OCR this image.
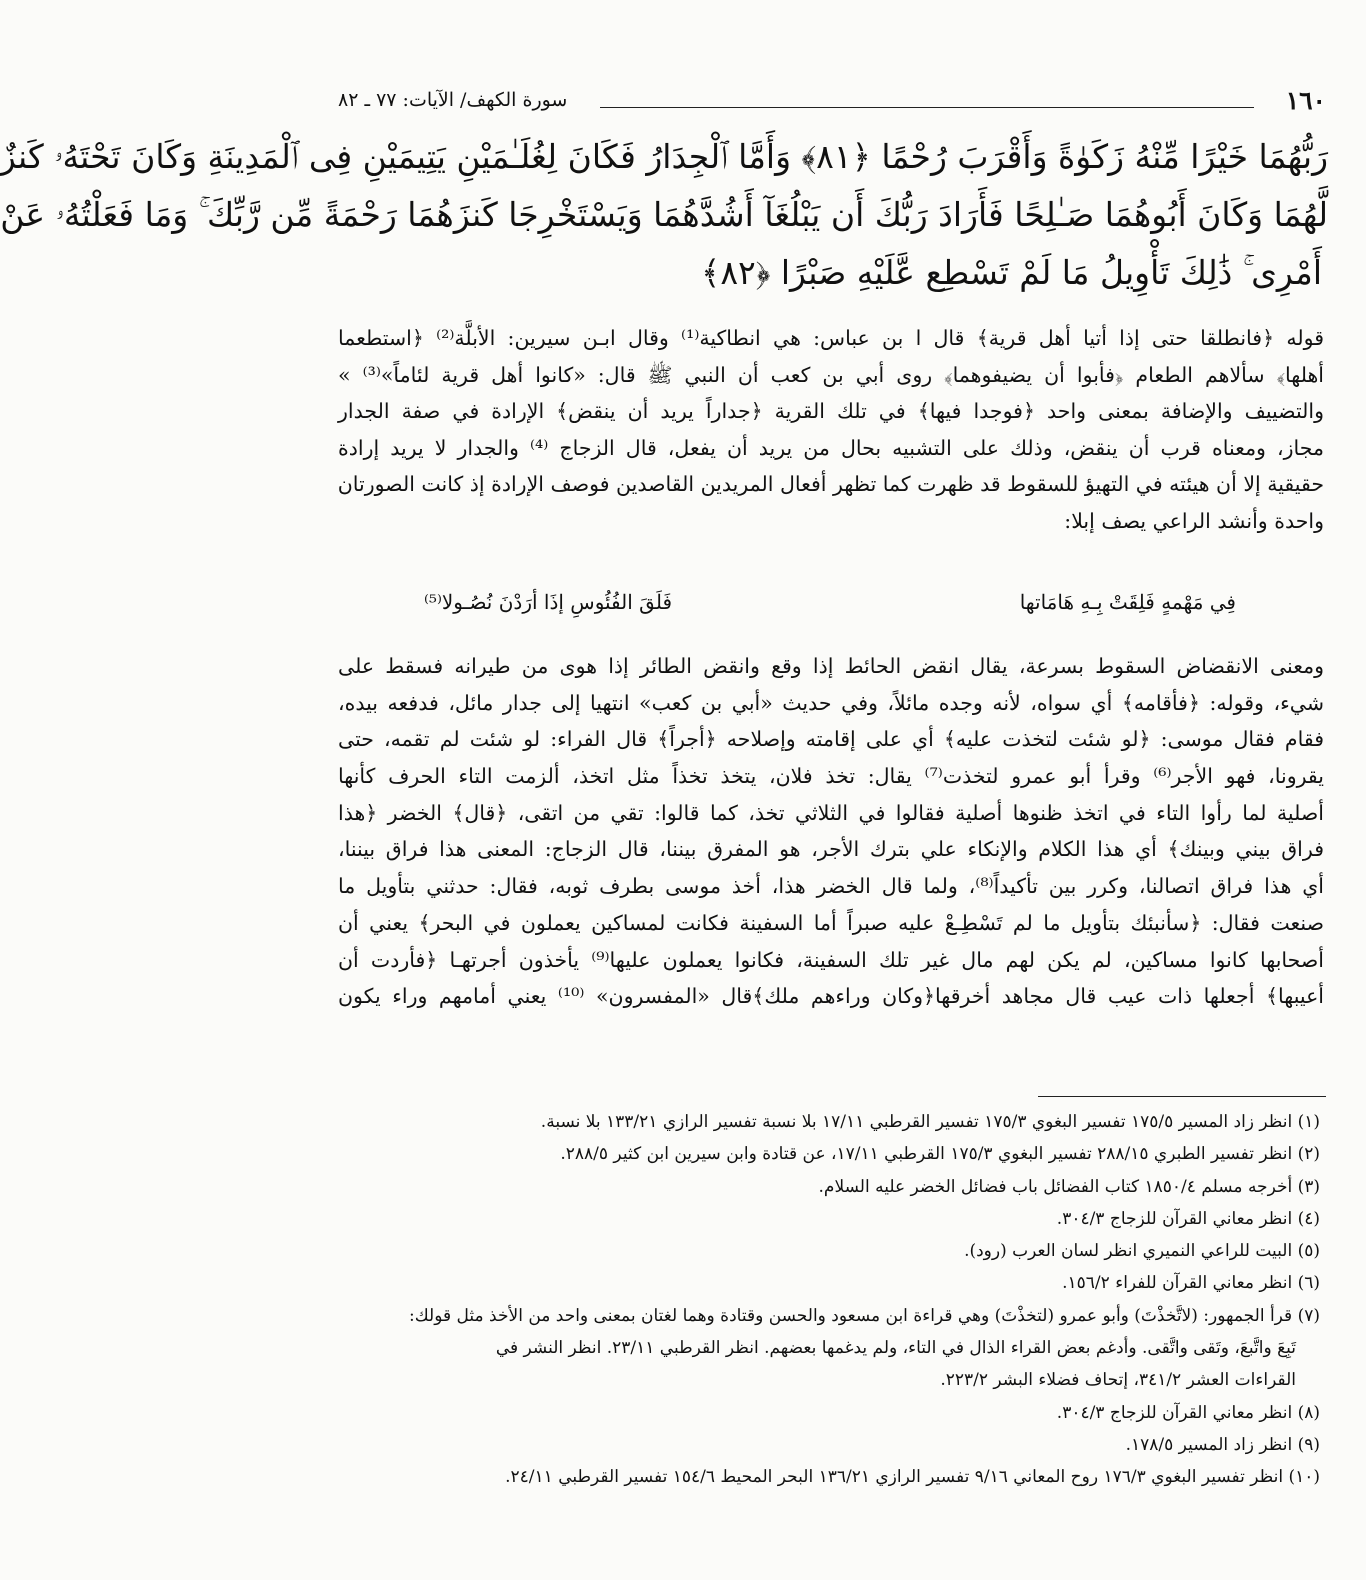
١٦٠
سورة الكهف/ الآيات: ٧٧ ـ ٨٢
رَبُّهُمَا خَيْرًا مِّنْهُ زَكَوٰةً وَأَقْرَبَ رُحْمًا ﴿٨١﴾ وَأَمَّا ٱلْجِدَارُ فَكَانَ لِغُلَـٰمَيْنِ يَتِيمَيْنِ فِى ٱلْمَدِينَةِ وَكَانَ تَحْتَهُۥ كَنزٌ
لَّهُمَا وَكَانَ أَبُوهُمَا صَـٰلِحًا فَأَرَادَ رَبُّكَ أَن يَبْلُغَآ أَشُدَّهُمَا وَيَسْتَخْرِجَا كَنزَهُمَا رَحْمَةً مِّن رَّبِّكَ ۚ وَمَا فَعَلْتُهُۥ عَنْ
أَمْرِى ۚ ذَٰلِكَ تَأْوِيلُ مَا لَمْ تَسْطِع عَّلَيْهِ صَبْرًا ﴿٨٢﴾
قوله ﴿فانطلقا حتى إذا أتيا أهل قرية﴾ قال ا بن عباس: هي انطاكية⁽¹⁾ وقال ابـن سيرين: الأبلَّة⁽²⁾ ﴿استطعما
أهلها﴾ سألاهم الطعام ﴿فأبوا أن يضيفوهما﴾ روى أبي بن كعب أن النبي ﷺ قال: «كانوا أهل قرية لئاماً»⁽³⁾ »
والتضييف والإضافة بمعنى واحد ﴿فوجدا فيها﴾ في تلك القرية ﴿جداراً يريد أن ينقض﴾ الإرادة في صفة الجدار
مجاز، ومعناه قرب أن ينقض، وذلك على التشبيه بحال من يريد أن يفعل، قال الزجاج ⁽⁴⁾ والجدار لا يريد إرادة
حقيقية إلا أن هيئته في التهيؤ للسقوط قد ظهرت كما تظهر أفعال المريدين القاصدين فوصف الإرادة إذ كانت الصورتان
واحدة وأنشد الراعي يصف إبلا:
فِي مَهْمهٍ فَلِقَتْ بِـهِ هَامَاتها
فَلَقَ الفُئُوسِ إذَا أرَدْنَ نُصُـولا⁽⁵⁾
ومعنى الانقضاض السقوط بسرعة، يقال انقض الحائط إذا وقع وانقض الطائر إذا هوى من طيرانه فسقط على
شيء، وقوله: ﴿فأقامه﴾ أي سواه، لأنه وجده مائلاً، وفي حديث «أبي بن كعب» انتهيا إلى جدار مائل، فدفعه بيده،
فقام فقال موسى: ﴿لو شئت لتخذت عليه﴾ أي على إقامته وإصلاحه ﴿أجراً﴾ قال الفراء: لو شئت لم تقمه، حتى
يقرونا، فهو الأجر⁽⁶⁾ وقرأ أبو عمرو لتخذت⁽⁷⁾ يقال: تخذ فلان، يتخذ تخذاً مثل اتخذ، ألزمت التاء الحرف كأنها
أصلية لما رأوا التاء في اتخذ ظنوها أصلية فقالوا في الثلاثي تخذ، كما قالوا: تقي من اتقى، ﴿قال﴾ الخضر ﴿هذا
فراق بيني وبينك﴾ أي هذا الكلام والإنكاء علي بترك الأجر، هو المفرق بيننا، قال الزجاج: المعنى هذا فراق بيننا،
أي هذا فراق اتصالنا، وكرر بين تأكيداً⁽⁸⁾، ولما قال الخضر هذا، أخذ موسى بطرف ثوبه، فقال: حدثني بتأويل ما
صنعت فقال: ﴿سأنبئك بتأويل ما لم تَسْطِـعْ عليه صبراً أما السفينة فكانت لمساكين يعملون في البحر﴾ يعني أن
أصحابها كانوا مساكين، لم يكن لهم مال غير تلك السفينة، فكانوا يعملون عليها⁽⁹⁾ يأخذون أجرتهـا ﴿فأردت أن
أعيبها﴾ أجعلها ذات عيب قال مجاهد أخرقها﴿وكان وراءهم ملك﴾قال «المفسرون» ⁽¹⁰⁾ يعني أمامهم وراء يكون
(١) انظر زاد المسير ١٧٥/٥ تفسير البغوي ١٧٥/٣ تفسير القرطبي ١٧/١١ بلا نسبة تفسير الرازي ١٣٣/٢١ بلا نسبة.
(٢) انظر تفسير الطبري ٢٨٨/١٥ تفسير البغوي ١٧٥/٣ القرطبي ١٧/١١، عن قتادة وابن سيرين ابن كثير ٢٨٨/٥.
(٣) أخرجه مسلم ١٨٥٠/٤ كتاب الفضائل باب فضائل الخضر عليه السلام.
(٤) انظر معاني القرآن للزجاج ٣٠٤/٣.
(٥) البيت للراعي النميري انظر لسان العرب (رود).
(٦) انظر معاني القرآن للفراء ١٥٦/٢.
(٧) قرأ الجمهور: (لاتَّخذْتَ) وأبو عمرو (لتخذْتَ) وهي قراءة ابن مسعود والحسن وقتادة وهما لغتان بمعنى واحد من الأخذ مثل قولك:
تَبِعَ واتَّبعَ، وتَقى واتَّقى. وأدغم بعض القراء الذال في التاء، ولم يدغمها بعضهم. انظر القرطبي ٢٣/١١. انظر النشر في
القراءات العشر ٣٤١/٢، إتحاف فضلاء البشر ٢٢٣/٢.
(٨) انظر معاني القرآن للزجاج ٣٠٤/٣.
(٩) انظر زاد المسير ١٧٨/٥.
(١٠) انظر تفسير البغوي ١٧٦/٣ روح المعاني ٩/١٦ تفسير الرازي ١٣٦/٢١ البحر المحيط ١٥٤/٦ تفسير القرطبي ٢٤/١١.
